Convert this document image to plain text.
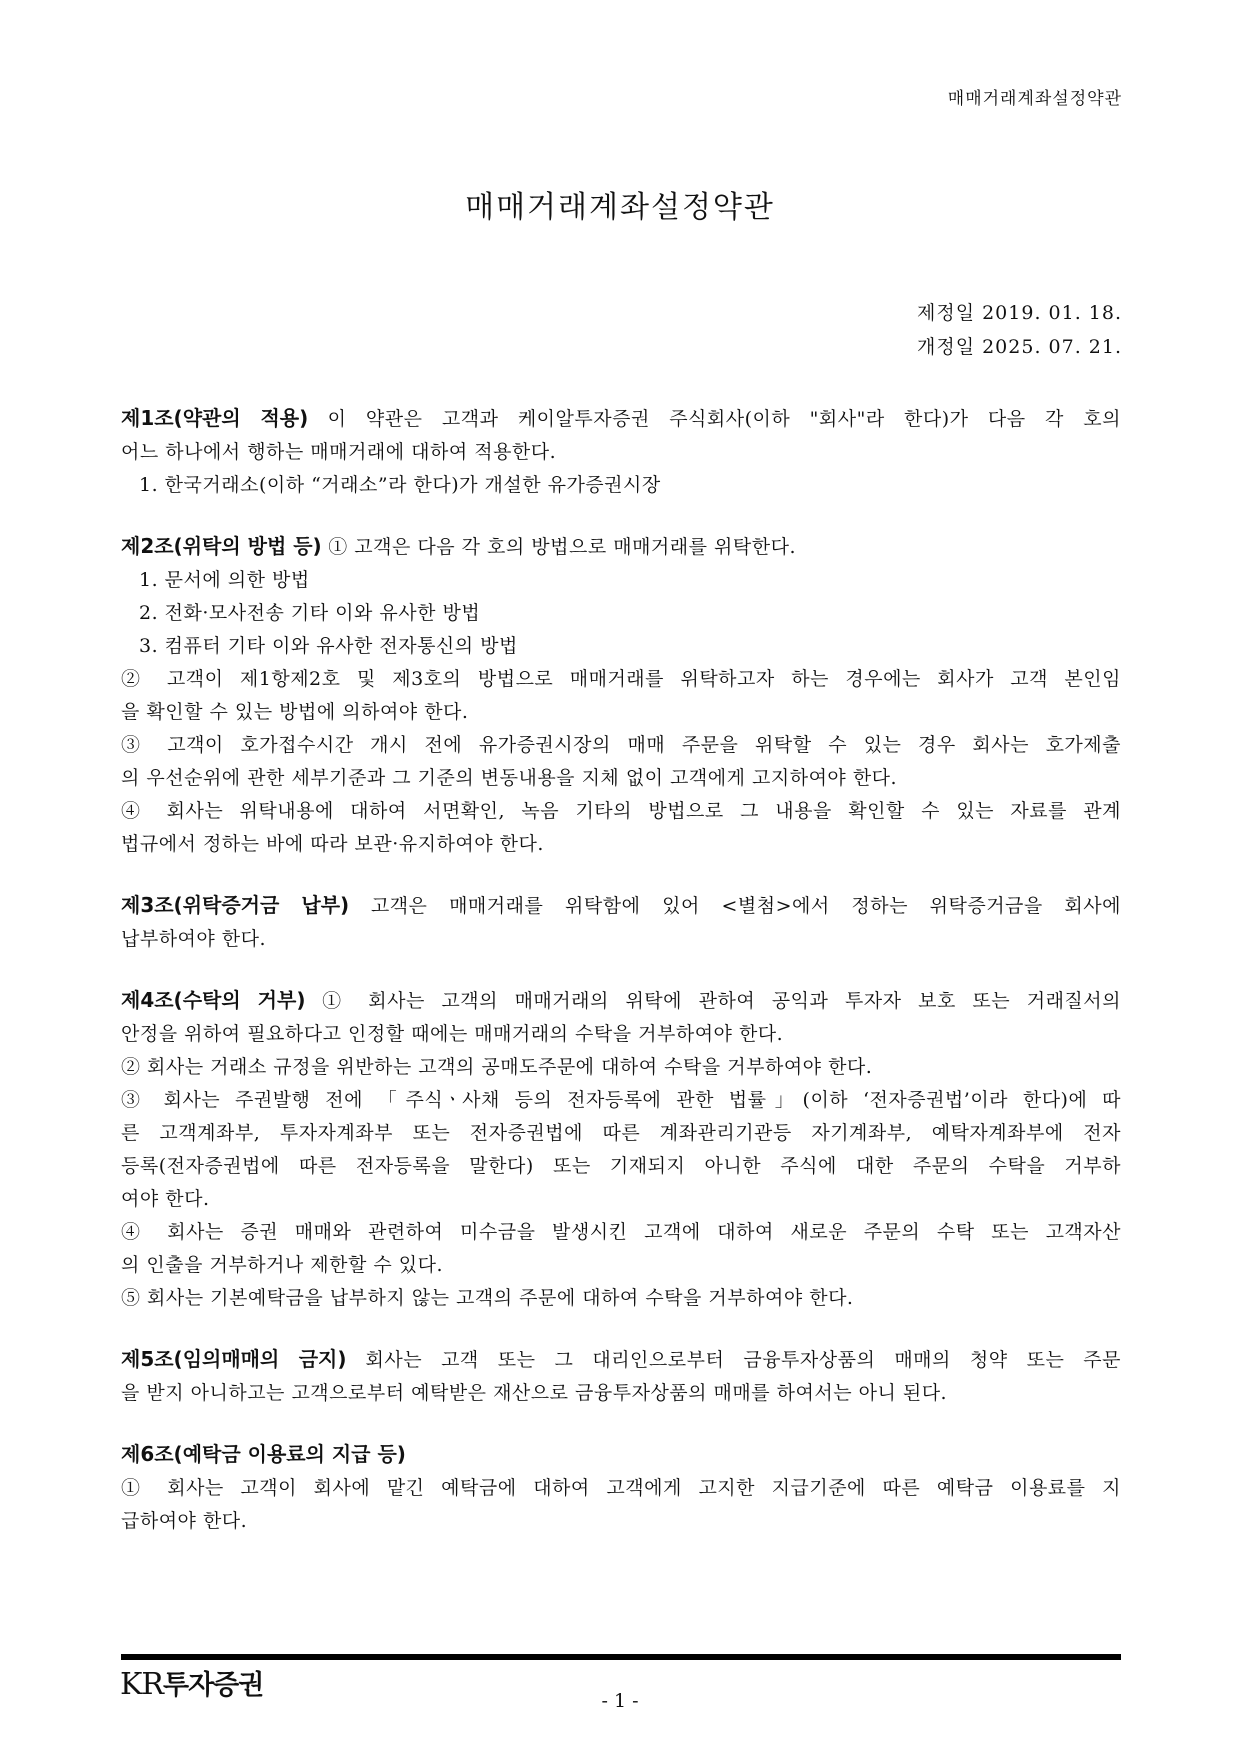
매매거래계좌설정약관
매매거래계좌설정약관
제정일 2019. 01. 18.
개정일 2025. 07. 21.
제1조(약관의 적용) 이 약관은 고객과 케이알투자증권 주식회사(이하 "회사"라 한다)가 다음 각 호의
어느 하나에서 행하는 매매거래에 대하여 적용한다.
1. 한국거래소(이하 “거래소”라 한다)가 개설한 유가증권시장
제2조(위탁의 방법 등) ① 고객은 다음 각 호의 방법으로 매매거래를 위탁한다.
1. 문서에 의한 방법
2. 전화·모사전송 기타 이와 유사한 방법
3. 컴퓨터 기타 이와 유사한 전자통신의 방법
② 고객이 제1항제2호 및 제3호의 방법으로 매매거래를 위탁하고자 하는 경우에는 회사가 고객 본인임
을 확인할 수 있는 방법에 의하여야 한다.
③ 고객이 호가접수시간 개시 전에 유가증권시장의 매매 주문을 위탁할 수 있는 경우 회사는 호가제출
의 우선순위에 관한 세부기준과 그 기준의 변동내용을 지체 없이 고객에게 고지하여야 한다.
④ 회사는 위탁내용에 대하여 서면확인, 녹음 기타의 방법으로 그 내용을 확인할 수 있는 자료를 관계
법규에서 정하는 바에 따라 보관·유지하여야 한다.
제3조(위탁증거금 납부) 고객은 매매거래를 위탁함에 있어 <별첨>에서 정하는 위탁증거금을 회사에
납부하여야 한다.
제4조(수탁의 거부) ① 회사는 고객의 매매거래의 위탁에 관하여 공익과 투자자 보호 또는 거래질서의
안정을 위하여 필요하다고 인정할 때에는 매매거래의 수탁을 거부하여야 한다.
② 회사는 거래소 규정을 위반하는 고객의 공매도주문에 대하여 수탁을 거부하여야 한다.
③ 회사는 주권발행 전에 「주식ㆍ사채 등의 전자등록에 관한 법률」(이하 ‘전자증권법’이라 한다)에 따
른 고객계좌부, 투자자계좌부 또는 전자증권법에 따른 계좌관리기관등 자기계좌부, 예탁자계좌부에 전자
등록(전자증권법에 따른 전자등록을 말한다) 또는 기재되지 아니한 주식에 대한 주문의 수탁을 거부하
여야 한다.
④ 회사는 증권 매매와 관련하여 미수금을 발생시킨 고객에 대하여 새로운 주문의 수탁 또는 고객자산
의 인출을 거부하거나 제한할 수 있다.
⑤ 회사는 기본예탁금을 납부하지 않는 고객의 주문에 대하여 수탁을 거부하여야 한다.
제5조(임의매매의 금지) 회사는 고객 또는 그 대리인으로부터 금융투자상품의 매매의 청약 또는 주문
을 받지 아니하고는 고객으로부터 예탁받은 재산으로 금융투자상품의 매매를 하여서는 아니 된다.
제6조(예탁금 이용료의 지급 등)
① 회사는 고객이 회사에 맡긴 예탁금에 대하여 고객에게 고지한 지급기준에 따른 예탁금 이용료를 지
급하여야 한다.
KR투자증권	- 1 -
